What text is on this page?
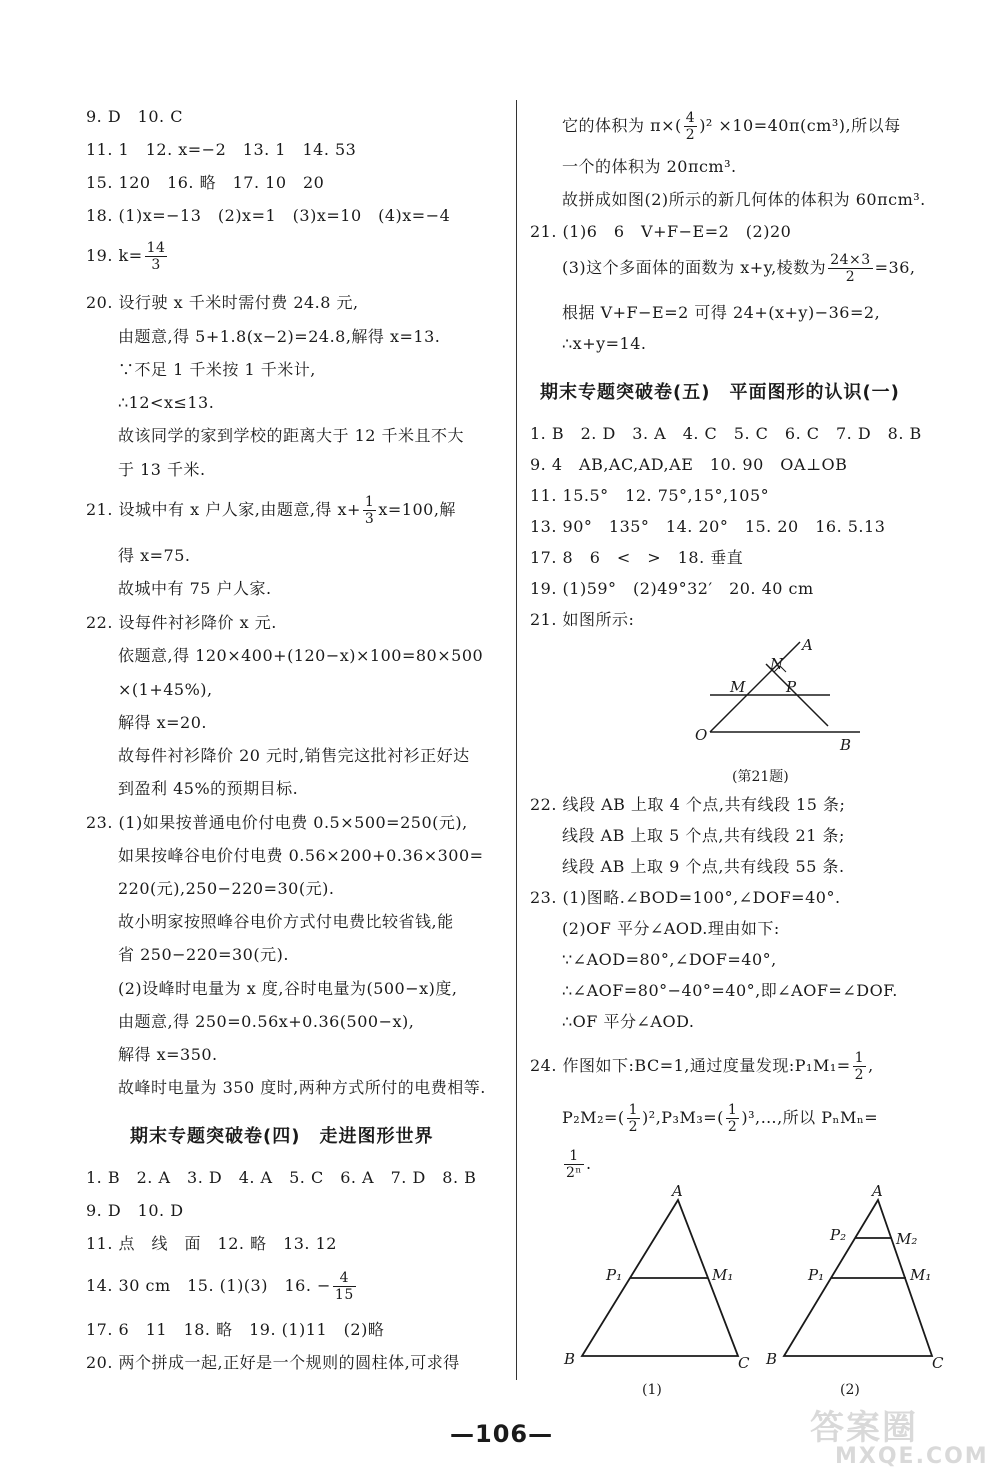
9. D　10. C
11. 1　12. x=−2　13. 1　14. 53
15. 120　16. 略　17. 10　20
18. (1)x=−13　(2)x=1　(3)x=10　(4)x=−4
19. $k= \frac{14}{3}$
20. 设行驶 x 千米时需付费 24.8 元,
由题意,得 5+1.8(x−2)=24.8,解得 x=13.
∵不足 1 千米按 1 千米计,
∴12<x≤13.
故该同学的家到学校的距离大于 12 千米且不大
于 13 千米.
21. 设城中有 x 户人家,由题意,得 $x+ \frac{1}{3} x=100$,解
得 x=75.
故城中有 75 户人家.
22. 设每件衬衫降价 x 元.
依题意,得 120×400+(120−x)×100=80×500
×(1+45%),
解得 x=20.
故每件衬衫降价 20 元时,销售完这批衬衫正好达
到盈利 45%的预期目标.
23. (1)如果按普通电价付电费 0.5×500=250(元),
如果按峰谷电价付电费 0.56×200+0.36×300=
220(元),250−220=30(元).
故小明家按照峰谷电价方式付电费比较省钱,能
省 250−220=30(元).
(2)设峰时电量为 x 度,谷时电量为(500−x)度,
由题意,得 250=0.56x+0.36(500−x),
解得 x=350.
故峰时电量为 350 度时,两种方式所付的电费相等.
期末专题突破卷(四)　走进图形世界
1. B　2. A　3. D　4. A　5. C　6. A　7. D　8. B
9. D　10. D
11. 点　线　面　12. 略　13. 12
14. 30 cm　15. (1)(3)　16. − $\frac{4}{15}$
17. 6　11　18. 略　19. (1)11　(2)略
20. 两个拼成一起,正好是一个规则的圆柱体,可求得
它的体积为 $\pi\times( \frac{4}{2} )^2 \times 10=40\pi(cm^3)$,所以每
一个的体积为 20πcm³.
故拼成如图(2)所示的新几何体的体积为 60πcm³.
21. (1)6　6　V+F−E=2　(2)20
(3)这个多面体的面数为 x+y,棱数为 $\frac{24\times 3}{2} =36$,
根据 V+F−E=2 可得 24+(x+y)−36=2,
∴x+y=14.
期末专题突破卷(五)　平面图形的认识(一)
1. B　2. D　3. A　4. C　5. C　6. C　7. D　8. B
9. 4　AB,AC,AD,AE　10. 90　OA⊥OB
11. 15.5°　12. 75°,15°,105°
13. 90°　135°　14. 20°　15. 20　16. 5.13
17. 8　6　<　>　18. 垂直
19. (1)59°　(2)49°32′　20. 40 cm
21. 如图所示:
A
N
M	P
O
B
(第21题)
22. 线段 AB 上取 4 个点,共有线段 15 条;
线段 AB 上取 5 个点,共有线段 21 条;
线段 AB 上取 9 个点,共有线段 55 条.
23. (1)图略.∠BOD=100°,∠DOF=40°.
(2)OF 平分∠AOD.理由如下:
∵∠AOD=80°,∠DOF=40°,
∴∠AOF=80°−40°=40°,即∠AOF=∠DOF.
∴OF 平分∠AOD.
24. 作图如下:BC=1,通过度量发现:P₁M₁= $\frac{1}{2}$ ,
$P_2M_2=( \frac{1}{2} )^2,P_3M_3=( \frac{1}{2}$ )³,…,所以 PₙMₙ=
$\frac{1}{\text{2ⁿ}}$ .
A
B	C
P₁	M₁
(1)
A
B	C
P₁	M₁
P₂	M₂
(2)
—106—	答案圈
MXQE.COM
